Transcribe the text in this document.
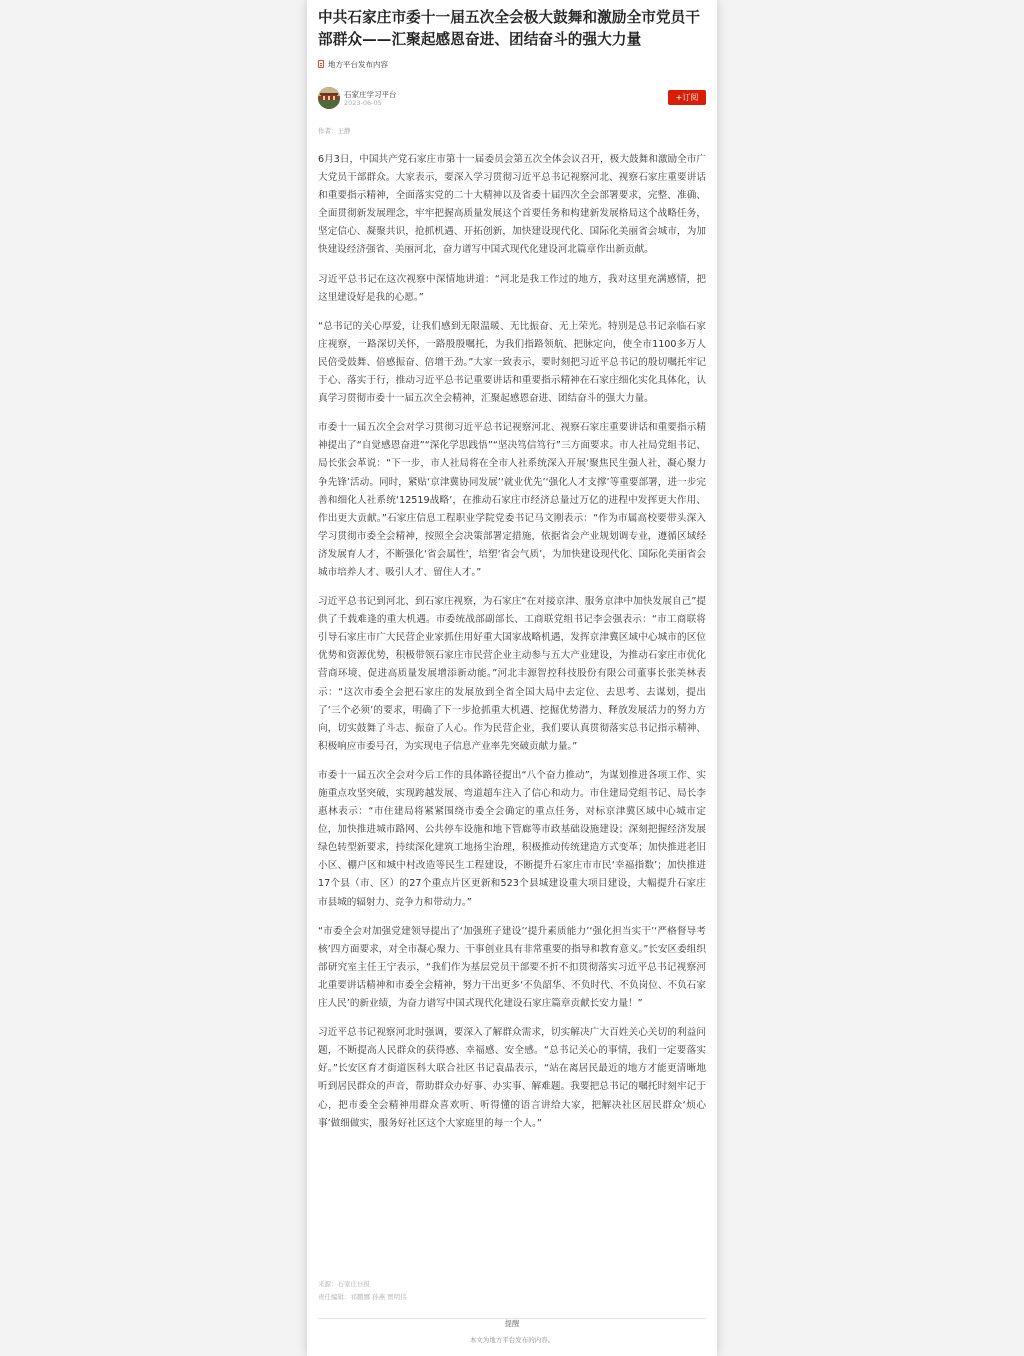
中共石家庄市委十一届五次全会极大鼓舞和激励全市党员干部群众——汇聚起感恩奋进、团结奋斗的强大力量
地方平台发布内容
石家庄学习平台
2023-06-05
+订阅
作者：王静

6月3日，中国共产党石家庄市第十一届委员会第五次全体会议召开，极大鼓舞和激励全市广大党员干部群众。大家表示，要深入学习贯彻习近平总书记视察河北、视察石家庄重要讲话和重要指示精神，全面落实党的二十大精神以及省委十届四次全会部署要求，完整、准确、全面贯彻新发展理念，牢牢把握高质量发展这个首要任务和构建新发展格局这个战略任务，坚定信心、凝聚共识，抢抓机遇、开拓创新，加快建设现代化、国际化美丽省会城市，为加快建设经济强省、美丽河北，奋力谱写中国式现代化建设河北篇章作出新贡献。

习近平总书记在这次视察中深情地讲道：“河北是我工作过的地方，我对这里充满感情，把这里建设好是我的心愿。”

“总书记的关心厚爱，让我们感到无限温暖、无比振奋、无上荣光。特别是总书记亲临石家庄视察，一路深切关怀，一路殷殷嘱托，为我们指路领航、把脉定向，使全市1100多万人民倍受鼓舞、倍感振奋、倍增干劲。”大家一致表示，要时刻把习近平总书记的殷切嘱托牢记于心、落实于行，推动习近平总书记重要讲话和重要指示精神在石家庄细化实化具体化，认真学习贯彻市委十一届五次全会精神，汇聚起感恩奋进、团结奋斗的强大力量。

市委十一届五次全会对学习贯彻习近平总书记视察河北、视察石家庄重要讲话和重要指示精神提出了“自觉感恩奋进”“深化学思践悟”“坚决笃信笃行”三方面要求。市人社局党组书记、局长张会革说：“下一步，市人社局将在全市人社系统深入开展‘聚焦民生强人社，凝心聚力争先锋’活动。同时，紧贴‘京津冀协同发展’‘就业优先’‘强化人才支撑’等重要部署，进一步完善和细化人社系统‘12519战略’，在推动石家庄市经济总量过万亿的进程中发挥更大作用、作出更大贡献。”石家庄信息工程职业学院党委书记马文刚表示：“作为市属高校要带头深入学习贯彻市委全会精神，按照全会决策部署定措施，依据省会产业规划调专业，遵循区域经济发展育人才，不断强化‘省会属性’，培塑‘省会气质’，为加快建设现代化、国际化美丽省会城市培养人才、吸引人才、留住人才。”

习近平总书记到河北、到石家庄视察，为石家庄“在对接京津、服务京津中加快发展自己”提供了千载难逢的重大机遇。市委统战部副部长、工商联党组书记李会强表示：“市工商联将引导石家庄市广大民营企业家抓住用好重大国家战略机遇，发挥京津冀区域中心城市的区位优势和资源优势，积极带领石家庄市民营企业主动参与五大产业建设，为推动石家庄市优化营商环境、促进高质量发展增添新动能。”河北丰源智控科技股份有限公司董事长张美林表示：“这次市委全会把石家庄的发展放到全省全国大局中去定位、去思考、去谋划，提出了‘三个必须’的要求，明确了下一步抢抓重大机遇、挖掘优势潜力、释放发展活力的努力方向，切实鼓舞了斗志、振奋了人心。作为民营企业，我们要认真贯彻落实总书记指示精神、积极响应市委号召，为实现电子信息产业率先突破贡献力量。”

市委十一届五次全会对今后工作的具体路径提出“八个奋力推动”，为谋划推进各项工作、实施重点攻坚突破，实现跨越发展、弯道超车注入了信心和动力。市住建局党组书记、局长李惠林表示：“市住建局将紧紧围绕市委全会确定的重点任务，对标京津冀区域中心城市定位，加快推进城市路网、公共停车设施和地下管廊等市政基础设施建设；深刻把握经济发展绿色转型新要求，持续深化建筑工地扬尘治理，积极推动传统建造方式变革；加快推进老旧小区、棚户区和城中村改造等民生工程建设，不断提升石家庄市市民‘幸福指数’；加快推进17个县（市、区）的27个重点片区更新和523个县城建设重大项目建设，大幅提升石家庄市县城的辐射力、竞争力和带动力。”

“市委全会对加强党建领导提出了‘加强班子建设’‘提升素质能力’‘强化担当实干’‘严格督导考核’四方面要求，对全市凝心聚力、干事创业具有非常重要的指导和教育意义。”长安区委组织部研究室主任王宁表示，“我们作为基层党员干部要不折不扣贯彻落实习近平总书记视察河北重要讲话精神和市委全会精神，努力干出更多‘不负韶华、不负时代、不负岗位、不负石家庄人民’的新业绩，为奋力谱写中国式现代化建设石家庄篇章贡献长安力量！”

习近平总书记视察河北时强调，要深入了解群众需求，切实解决广大百姓关心关切的利益问题，不断提高人民群众的获得感、幸福感、安全感。“总书记关心的事情，我们一定要落实好。”长安区育才街道医科大联合社区书记袁晶表示，“站在离居民最近的地方才能更清晰地听到居民群众的声音，帮助群众办好事、办实事、解难题。我要把总书记的嘱托时刻牢记于心，把市委全会精神用群众喜欢听、听得懂的语言讲给大家，把解决社区居民群众‘烦心事’做细做实，服务好社区这个大家庭里的每一个人。”

来源：石家庄日报
责任编辑：祁鹏娜 孙燕 贾明伟
提醒
本文为地方平台发布的内容。
